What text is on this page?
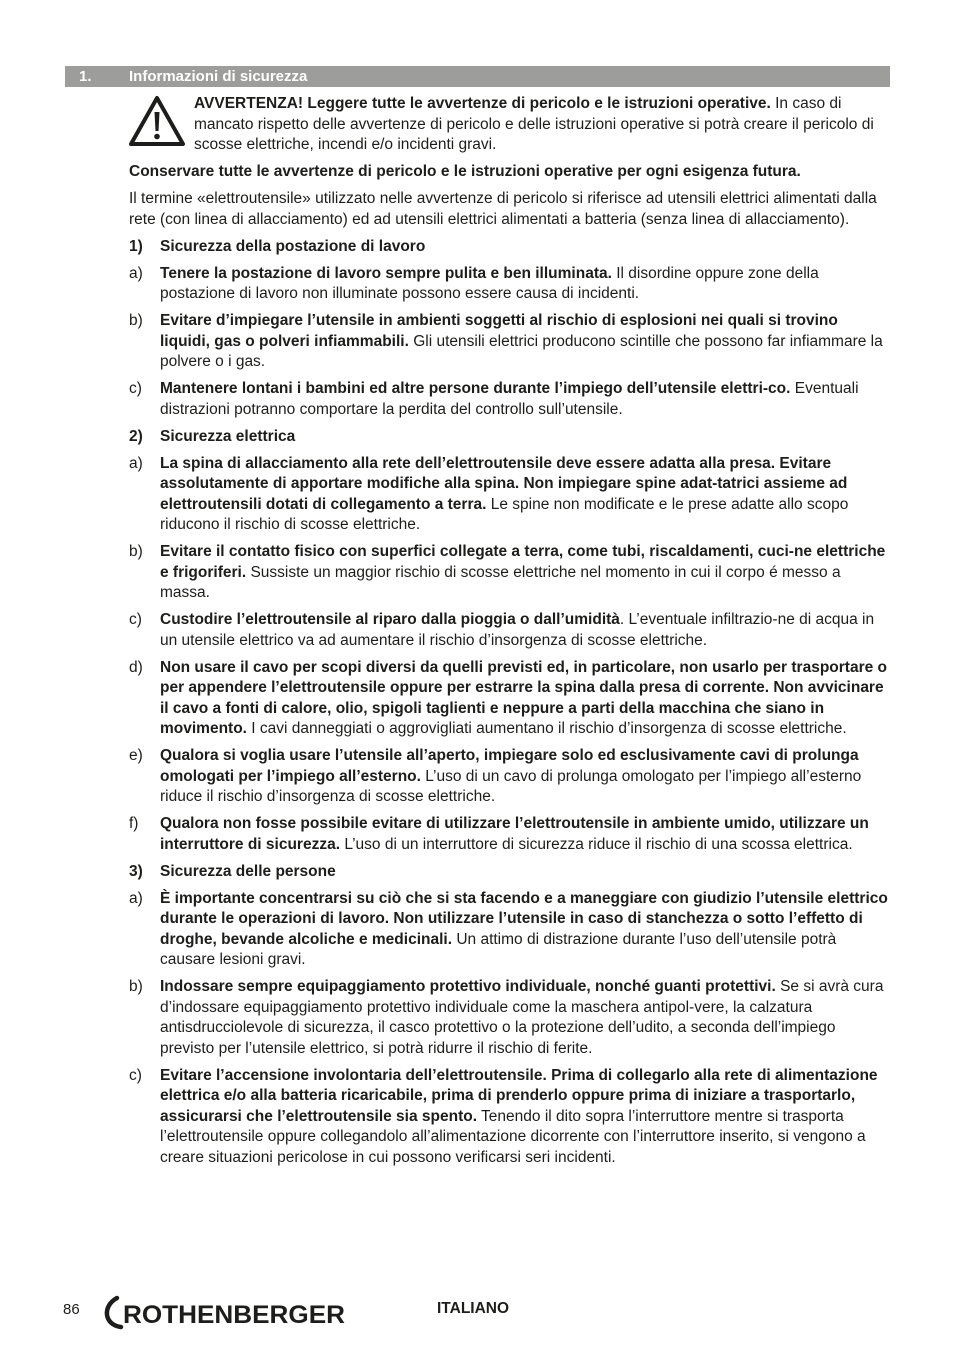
1. Informazioni di sicurezza
AVVERTENZA! Leggere tutte le avvertenze di pericolo e le istruzioni operative. In caso di mancato rispetto delle avvertenze di pericolo e delle istruzioni operative si potrà creare il pericolo di scosse elettriche, incendi e/o incidenti gravi.

Conservare tutte le avvertenze di pericolo e le istruzioni operative per ogni esigenza futura.

Il termine «elettroutensile» utilizzato nelle avvertenze di pericolo si riferisce ad utensili elettrici alimentati dalla rete (con linea di allacciamento) ed ad utensili elettrici alimentati a batteria (senza linea di allacciamento).

1)	Sicurezza della postazione di lavoro
a)	Tenere la postazione di lavoro sempre pulita e ben illuminata. Il disordine oppure zone della postazione di lavoro non illuminate possono essere causa di incidenti.
b)	Evitare d’impiegare l’utensile in ambienti soggetti al rischio di esplosioni nei quali si trovino liquidi, gas o polveri infiammabili. Gli utensili elettrici producono scintille che possono far infiammare la polvere o i gas.
c)	Mantenere lontani i bambini ed altre persone durante l’impiego dell’utensile elettri-co. Eventuali distrazioni potranno comportare la perdita del controllo sull’utensile.
2)	Sicurezza elettrica
a)	La spina di allacciamento alla rete dell’elettroutensile deve essere adatta alla presa. Evitare assolutamente di apportare modifiche alla spina. Non impiegare spine adat-tatrici assieme ad elettroutensili dotati di collegamento a terra. Le spine non modificate e le prese adatte allo scopo riducono il rischio di scosse elettriche.
b)	Evitare il contatto fisico con superfici collegate a terra, come tubi, riscaldamenti, cuci-ne elettriche e frigoriferi. Sussiste un maggior rischio di scosse elettriche nel momento in cui il corpo é messo a massa.
c)	Custodire l’elettroutensile al riparo dalla pioggia o dall’umidità. L’eventuale infiltrazio-ne di acqua in un utensile elettrico va ad aumentare il rischio d’insorgenza di scosse elettriche.
d)	Non usare il cavo per scopi diversi da quelli previsti ed, in particolare, non usarlo per trasportare o per appendere l’elettroutensile oppure per estrarre la spina dalla presa di corrente. Non avvicinare il cavo a fonti di calore, olio, spigoli taglienti e neppure a parti della macchina che siano in movimento. I cavi danneggiati o aggrovigliati aumentano il rischio d’insorgenza di scosse elettriche.
e)	Qualora si voglia usare l’utensile all’aperto, impiegare solo ed esclusivamente cavi di prolunga omologati per l’impiego all’esterno. L’uso di un cavo di prolunga omologato per l’impiego all’esterno riduce il rischio d’insorgenza di scosse elettriche.
f)	Qualora non fosse possibile evitare di utilizzare l’elettroutensile in ambiente umido, utilizzare un interruttore di sicurezza. L’uso di un interruttore di sicurezza riduce il rischio di una scossa elettrica.
3)	Sicurezza delle persone
a)	È importante concentrarsi su ciò che si sta facendo e a maneggiare con giudizio l’utensile elettrico durante le operazioni di lavoro. Non utilizzare l’utensile in caso di stanchezza o sotto l’effetto di droghe, bevande alcoliche e medicinali. Un attimo di distrazione durante l’uso dell’utensile potrà causare lesioni gravi.
b)	Indossare sempre equipaggiamento protettivo individuale, nonché guanti protettivi. Se si avrà cura d’indossare equipaggiamento protettivo individuale come la maschera antipol-vere, la calzatura antisdrucciolevole di sicurezza, il casco protettivo o la protezione dell’udito, a seconda dell’impiego previsto per l’utensile elettrico, si potrà ridurre il rischio di ferite.
c)	Evitare l’accensione involontaria dell’elettroutensile. Prima di collegarlo alla rete di alimentazione elettrica e/o alla batteria ricaricabile, prima di prenderlo oppure prima di iniziare a trasportarlo, assicurarsi che l’elettroutensile sia spento. Tenendo il dito sopra l’interruttore mentre si trasporta l’elettroutensile oppure collegandolo all’alimentazione dicorrente con l’interruttore inserito, si vengono a creare situazioni pericolose in cui possono verificarsi seri incidenti.
86 ROTHENBERGER	ITALIANO
